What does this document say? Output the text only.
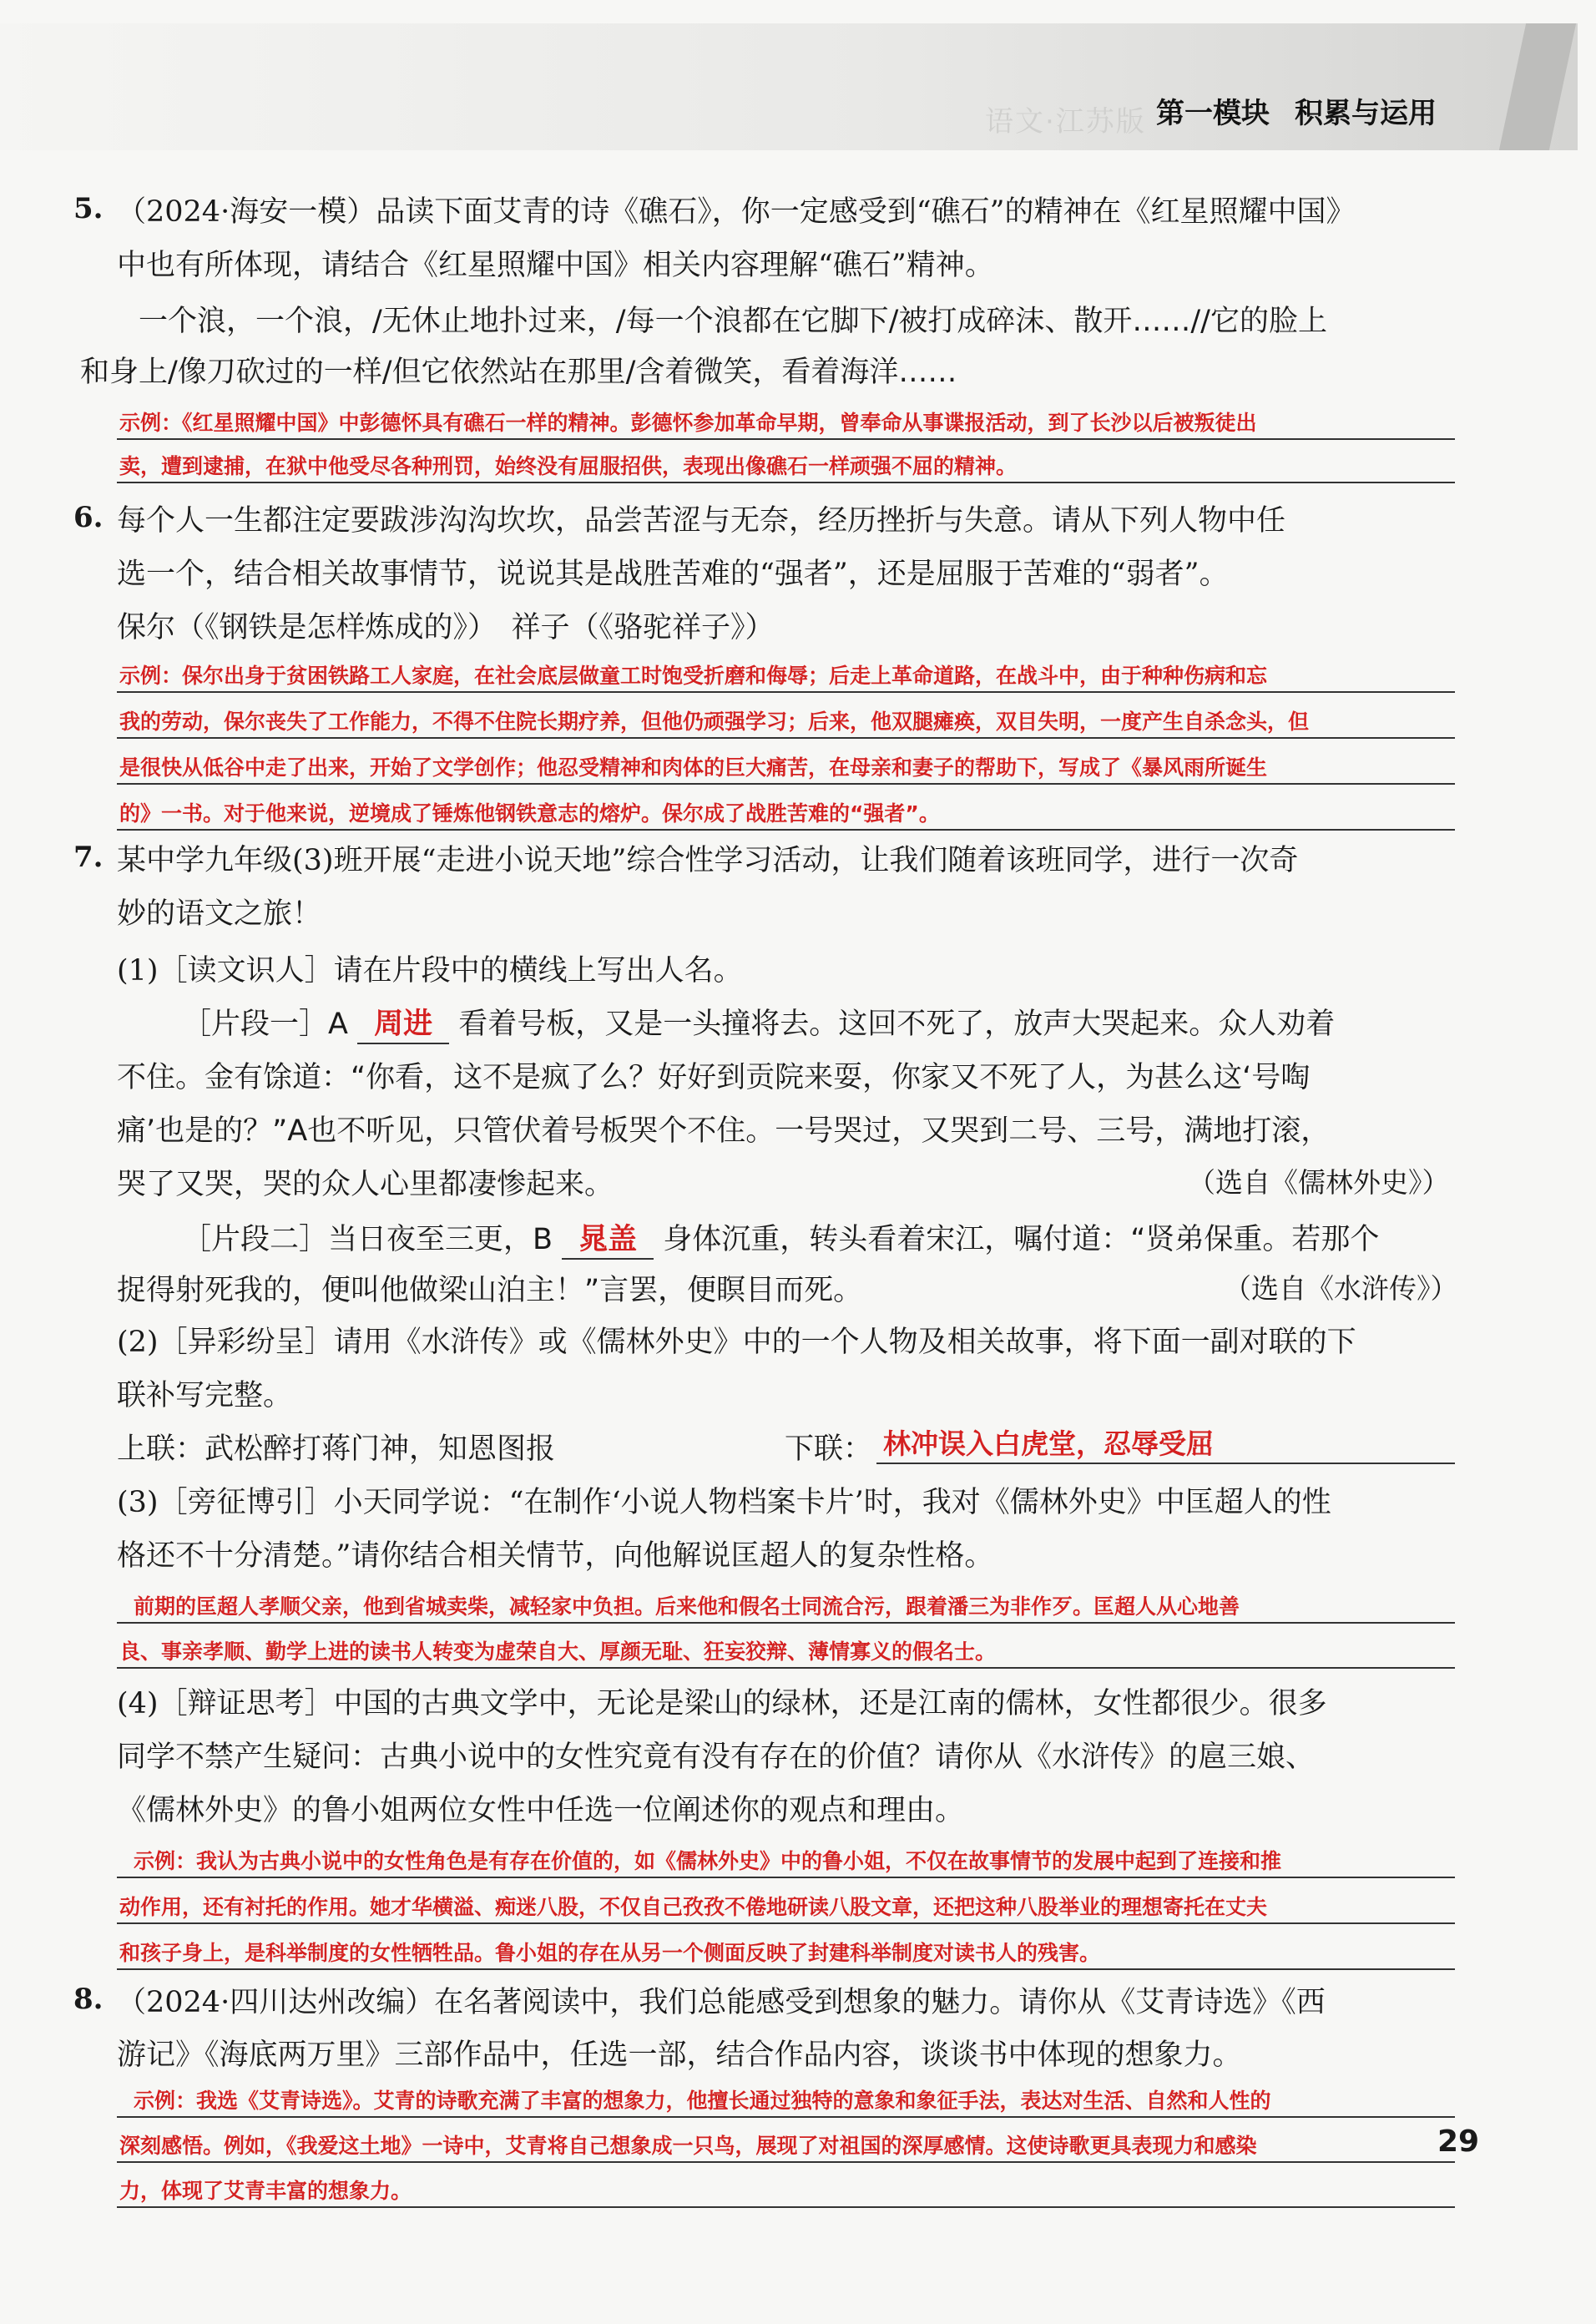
语文·江苏版 第一模块 积累与运用
5. （2024·海安一模）品读下面艾青的诗《礁石》，你一定感受到“礁石”的精神在《红星照耀中国》
中也有所体现，请结合《红星照耀中国》相关内容理解“礁石”精神。
一个浪，一个浪，/无休止地扑过来，/每一个浪都在它脚下/被打成碎沫、散开……//它的脸上
和身上/像刀砍过的一样/但它依然站在那里/含着微笑，看着海洋……
示例：《红星照耀中国》中彭德怀具有礁石一样的精神。彭德怀参加革命早期，曾奉命从事谍报活动，到了长沙以后被叛徒出
卖，遭到逮捕，在狱中他受尽各种刑罚，始终没有屈服招供，表现出像礁石一样顽强不屈的精神。
6. 每个人一生都注定要跋涉沟沟坎坎，品尝苦涩与无奈，经历挫折与失意。请从下列人物中任
选一个，结合相关故事情节，说说其是战胜苦难的“强者”，还是屈服于苦难的“弱者”。
保尔（《钢铁是怎样炼成的》）　祥子（《骆驼祥子》）
示例：保尔出身于贫困铁路工人家庭，在社会底层做童工时饱受折磨和侮辱；后走上革命道路，在战斗中，由于种种伤病和忘
我的劳动，保尔丧失了工作能力，不得不住院长期疗养，但他仍顽强学习；后来，他双腿瘫痪，双目失明，一度产生自杀念头，但
是很快从低谷中走了出来，开始了文学创作；他忍受精神和肉体的巨大痛苦，在母亲和妻子的帮助下，写成了《暴风雨所诞生
的》一书。对于他来说，逆境成了锤炼他钢铁意志的熔炉。保尔成了战胜苦难的“强者”。
7. 某中学九年级(3)班开展“走进小说天地”综合性学习活动，让我们随着该班同学，进行一次奇
妙的语文之旅！
(1)［读文识人］请在片段中的横线上写出人名。
［片段一］A 周进 看着号板，又是一头撞将去。这回不死了，放声大哭起来。众人劝着
不住。金有馀道：“你看，这不是疯了么？好好到贡院来耍，你家又不死了人，为甚么这‘号啕
痛’也是的？”A也不听见，只管伏着号板哭个不住。一号哭过，又哭到二号、三号，满地打滚，
哭了又哭，哭的众人心里都凄惨起来。	（选自《儒林外史》）
［片段二］当日夜至三更，B 晁盖 身体沉重，转头看着宋江，嘱付道：“贤弟保重。若那个
捉得射死我的，便叫他做梁山泊主！”言罢，便瞑目而死。	（选自《水浒传》）
(2)［异彩纷呈］请用《水浒传》或《儒林外史》中的一个人物及相关故事，将下面一副对联的下
联补写完整。
上联：武松醉打蒋门神，知恩图报	下联： 林冲误入白虎堂，忍辱受屈
(3)［旁征博引］小天同学说：“在制作‘小说人物档案卡片’时，我对《儒林外史》中匡超人的性
格还不十分清楚。”请你结合相关情节，向他解说匡超人的复杂性格。
前期的匡超人孝顺父亲，他到省城卖柴，减轻家中负担。后来他和假名士同流合污，跟着潘三为非作歹。匡超人从心地善
良、事亲孝顺、勤学上进的读书人转变为虚荣自大、厚颜无耻、狂妄狡辩、薄情寡义的假名士。
(4)［辩证思考］中国的古典文学中，无论是梁山的绿林，还是江南的儒林，女性都很少。很多
同学不禁产生疑问：古典小说中的女性究竟有没有存在的价值？请你从《水浒传》的扈三娘、
《儒林外史》的鲁小姐两位女性中任选一位阐述你的观点和理由。
示例：我认为古典小说中的女性角色是有存在价值的，如《儒林外史》中的鲁小姐，不仅在故事情节的发展中起到了连接和推
动作用，还有衬托的作用。她才华横溢、痴迷八股，不仅自己孜孜不倦地研读八股文章，还把这种八股举业的理想寄托在丈夫
和孩子身上，是科举制度的女性牺牲品。鲁小姐的存在从另一个侧面反映了封建科举制度对读书人的残害。
8. （2024·四川达州改编）在名著阅读中，我们总能感受到想象的魅力。请你从《艾青诗选》《西
游记》《海底两万里》三部作品中，任选一部，结合作品内容，谈谈书中体现的想象力。
示例：我选《艾青诗选》。艾青的诗歌充满了丰富的想象力，他擅长通过独特的意象和象征手法，表达对生活、自然和人性的
深刻感悟。例如，《我爱这土地》一诗中，艾青将自己想象成一只鸟，展现了对祖国的深厚感情。这使诗歌更具表现力和感染
力，体现了艾青丰富的想象力。
29
